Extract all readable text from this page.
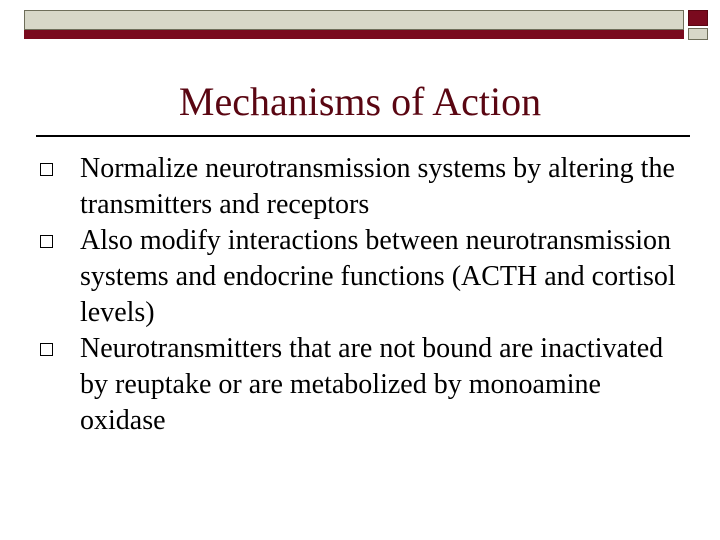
Mechanisms of Action
Normalize neurotransmission systems by altering the transmitters and receptors
Also modify interactions between neurotransmission systems and endocrine functions (ACTH and cortisol levels)
Neurotransmitters that are not bound are inactivated by reuptake or are metabolized by monoamine oxidase
